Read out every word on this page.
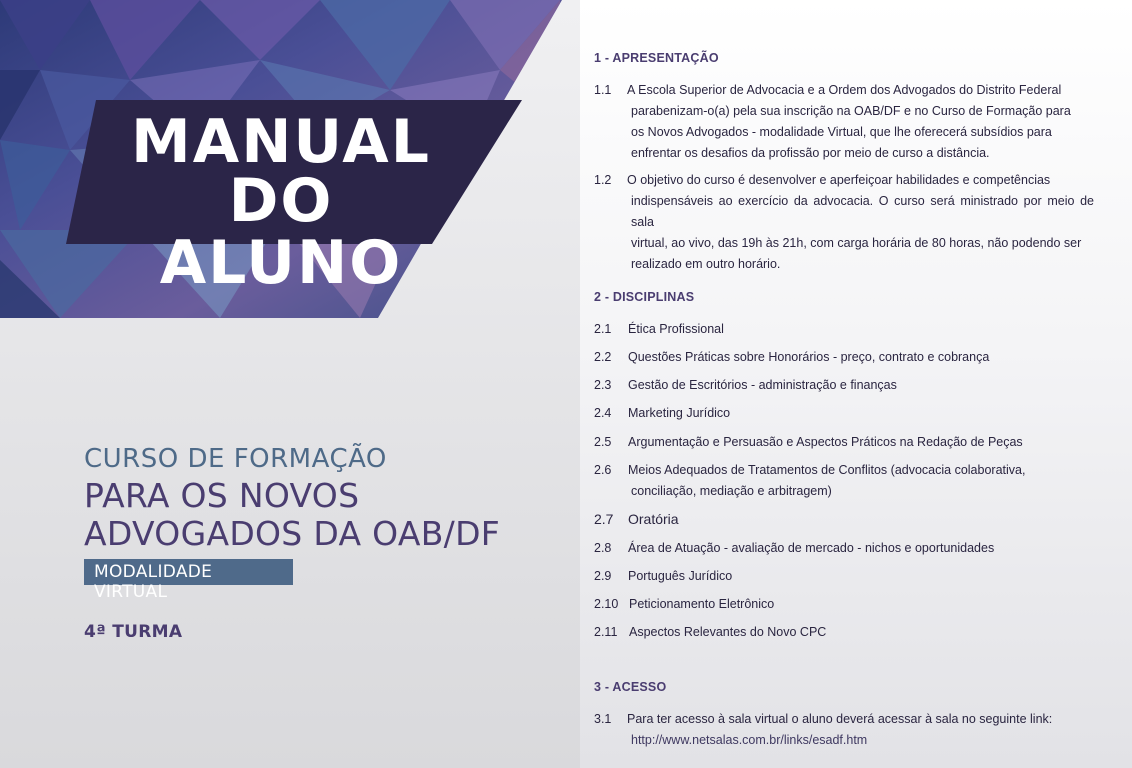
MANUAL
DO ALUNO
CURSO DE FORMAÇÃO
PARA OS NOVOS
ADVOGADOS DA OAB/DF
MODALIDADE VIRTUAL
4ª TURMA
1 - APRESENTAÇÃO
1.1 A Escola Superior de Advocacia e a Ordem dos Advogados do Distrito Federal
parabenizam-o(a) pela sua inscrição na OAB/DF e no Curso de Formação para
os Novos Advogados - modalidade Virtual, que lhe oferecerá subsídios para
enfrentar os desafios da profissão por meio de curso a distância.
1.2 O objetivo do curso é desenvolver e aperfeiçoar habilidades e competências
indispensáveis ao exercício da advocacia. O curso será ministrado por meio de sala
virtual, ao vivo, das 19h às 21h, com carga horária de 80 horas, não podendo ser
realizado em outro horário.
2 - DISCIPLINAS
2.1 Ética Profissional
2.2 Questões Práticas sobre Honorários - preço, contrato e cobrança
2.3 Gestão de Escritórios - administração e finanças
2.4 Marketing Jurídico
2.5 Argumentação e Persuasão e Aspectos Práticos na Redação de Peças
2.6 Meios Adequados de Tratamentos de Conflitos (advocacia colaborativa,
conciliação, mediação e arbitragem)
2.7 Oratória
2.8 Área de Atuação - avaliação de mercado - nichos e oportunidades
2.9 Português Jurídico
2.10 Peticionamento Eletrônico
2.11 Aspectos Relevantes do Novo CPC
3 - ACESSO
3.1 Para ter acesso à sala virtual o aluno deverá acessar à sala no seguinte link:
http://www.netsalas.com.br/links/esadf.htm
